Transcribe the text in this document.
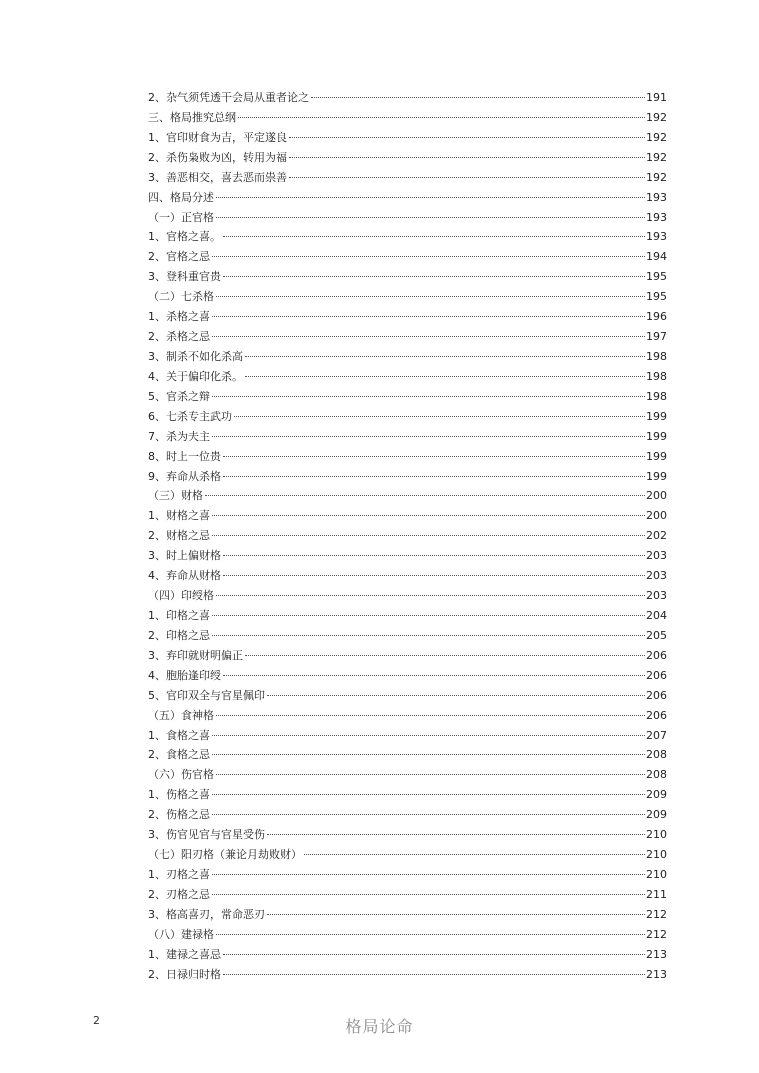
2、杂气须凭透干会局从重者论之	191
三、格局推究总纲	192
1、官印财食为吉，平定遂良	192
2、杀伤枭败为凶，转用为福	192
3、善恶相交，喜去恶而祟善	192
四、格局分述	193
（一）正官格	193
1、官格之喜。	193
2、官格之忌	194
3、登科重官贵	195
（二）七杀格	195
1、杀格之喜	196
2、杀格之忌	197
3、制杀不如化杀高	198
4、关于偏印化杀。	198
5、官杀之辩	198
6、七杀专主武功	199
7、杀为夫主	199
8、时上一位贵	199
9、弃命从杀格	199
（三）财格	200
1、财格之喜	200
2、财格之忌	202
3、时上偏财格	203
4、弃命从财格	203
（四）印绶格	203
1、印格之喜	204
2、印格之忌	205
3、弃印就财明偏正	206
4、胞胎逢印绶	206
5、官印双全与官星佩印	206
（五）食神格	206
1、食格之喜	207
2、食格之忌	208
（六）伤官格	208
1、伤格之喜	209
2、伤格之忌	209
3、伤官见官与官星受伤	210
（七）阳刃格（兼论月劫败财）	210
1、刃格之喜	210
2、刃格之忌	211
3、格高喜刃，常命恶刃	212
（八）建禄格	212
1、建禄之喜忌	213
2、日禄归时格	213
2	格局论命
